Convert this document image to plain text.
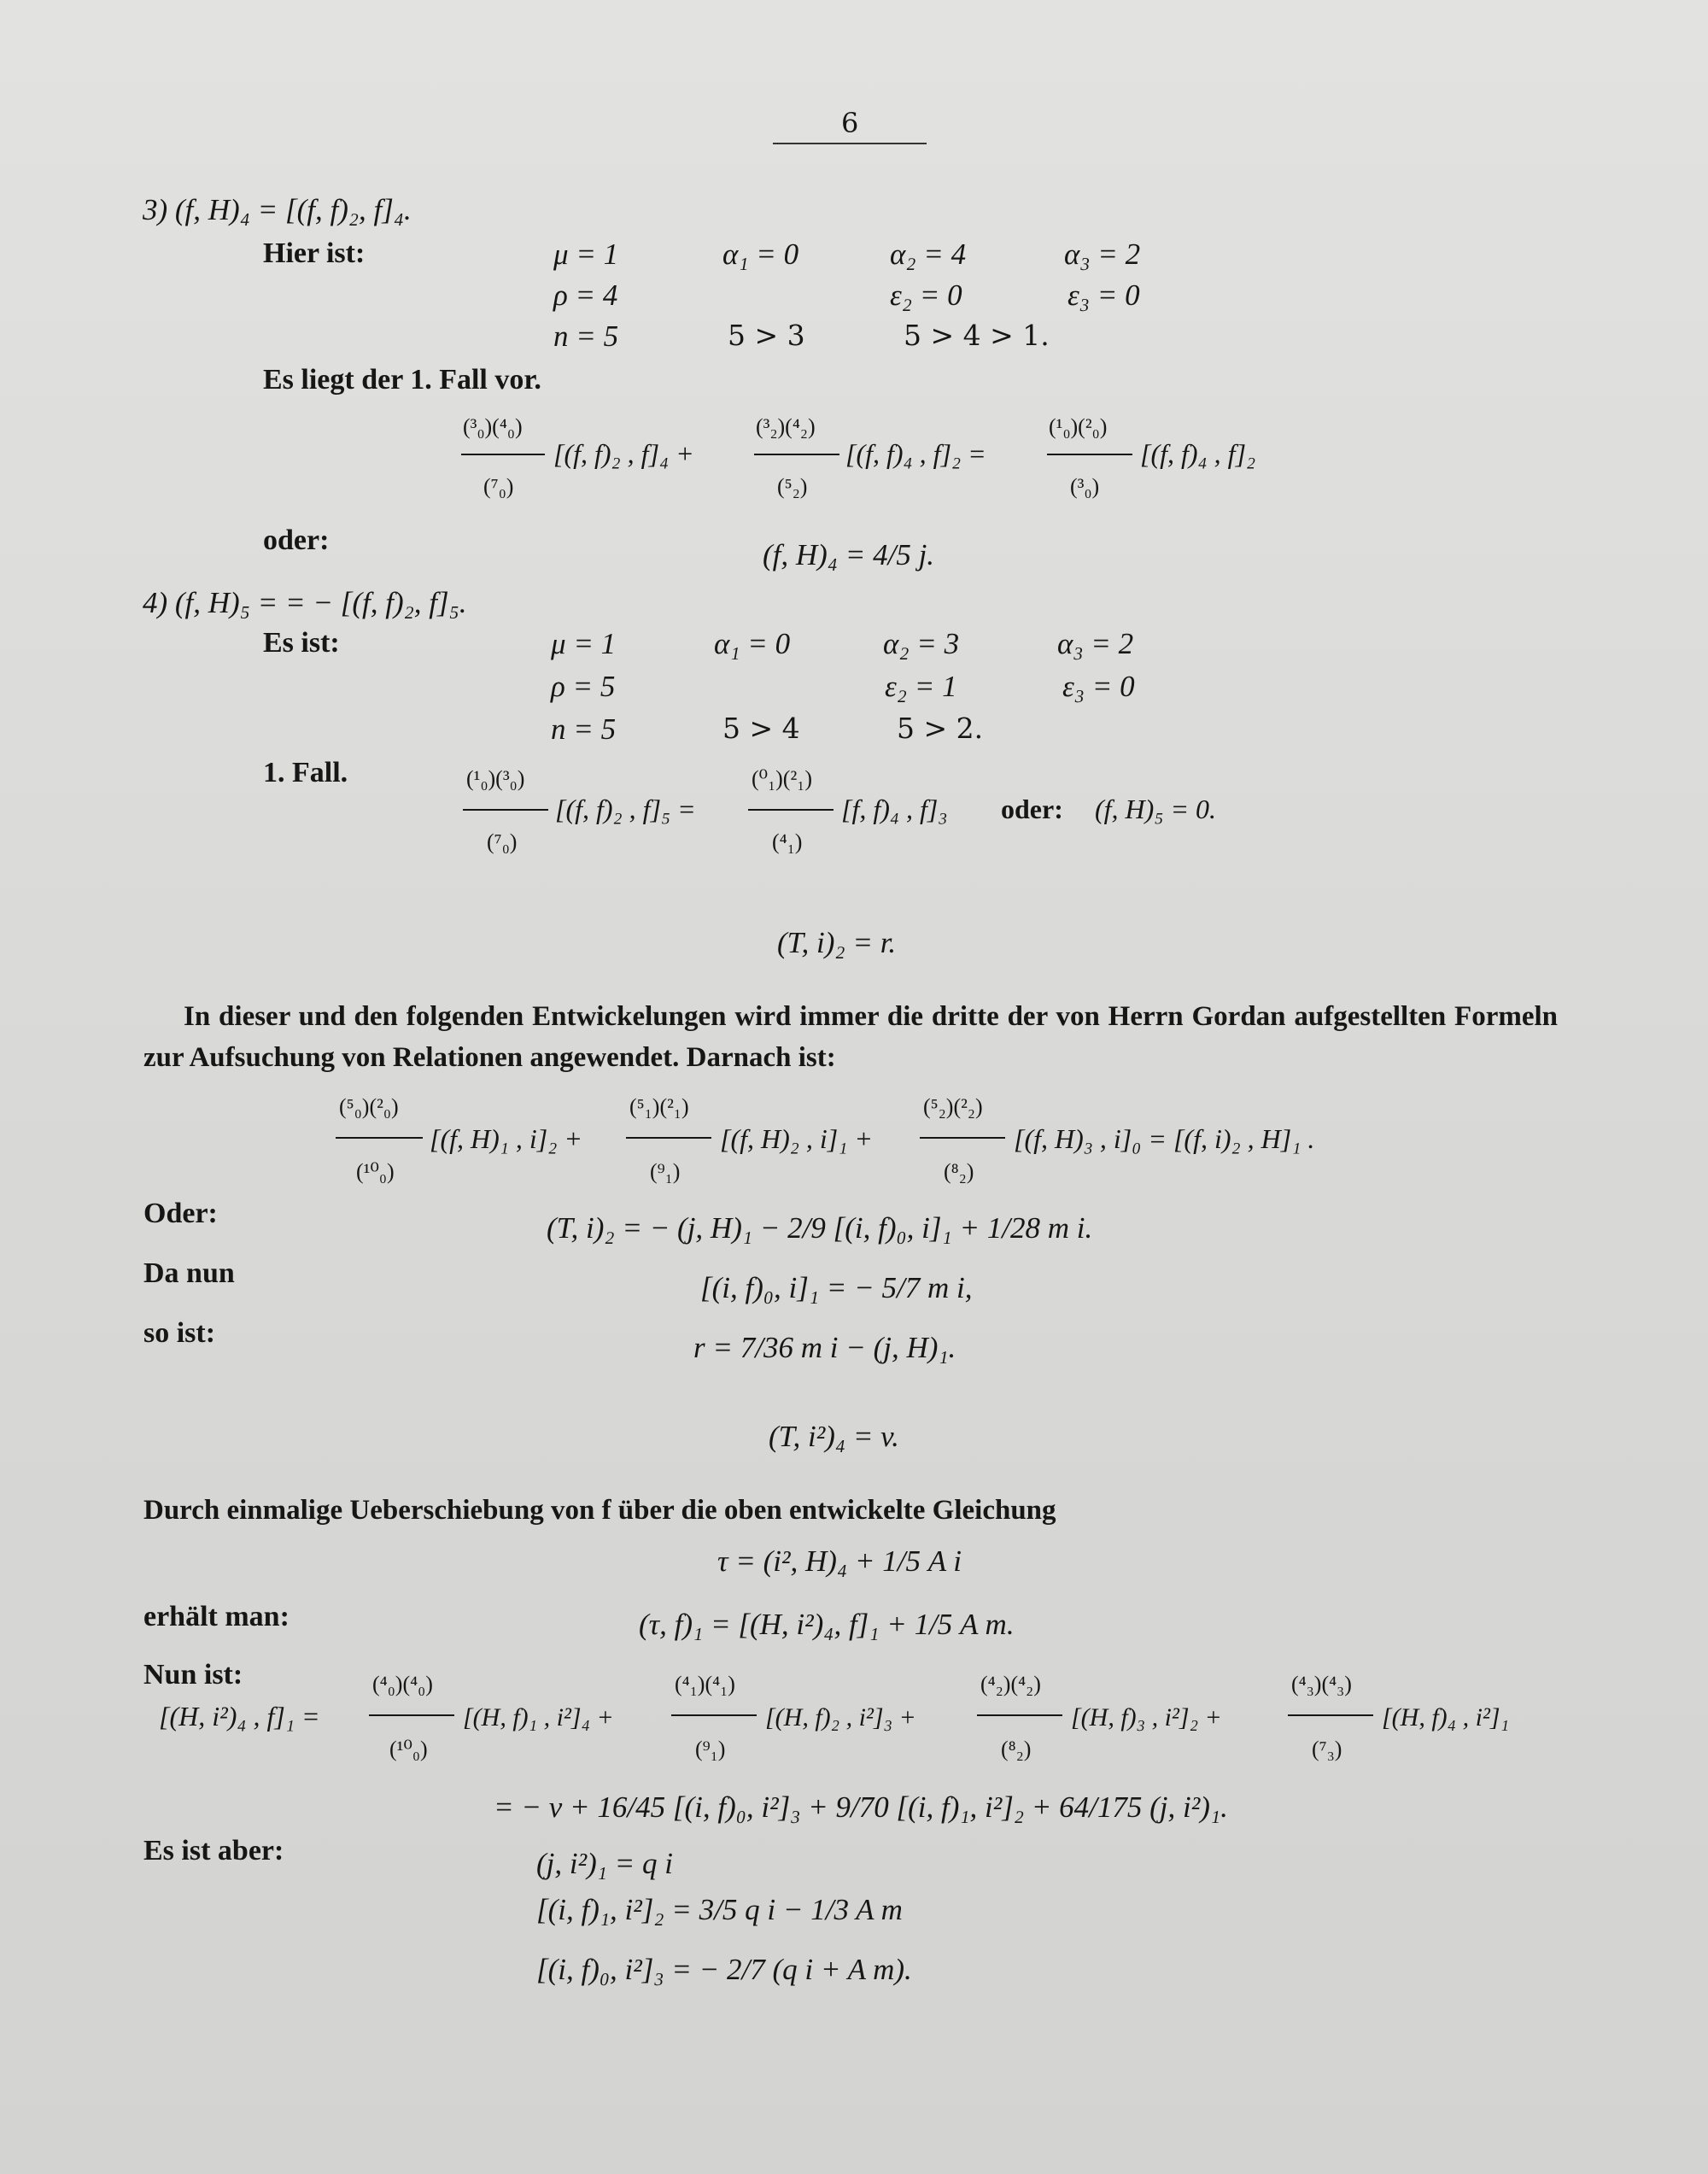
6
3) (f, H)₄ = [(f, f)₂, f]₄.
Hier ist:	μ = 1	α₁ = 0	α₂ = 4	α₃ = 2
ρ = 4	ε₂ = 0	ε₃ = 0
n = 5	5 > 3	5 > 4 > 1.
Es liegt der 1. Fall vor.
(³₀)(⁴₀)
(⁷₀)
[(f, f)₂ , f]₄ +
(³₂)(⁴₂)
(⁵₂)
[(f, f)₄ , f]₂ =
(¹₀)(²₀)
(³₀)
[(f, f)₄ , f]₂
oder:	(f, H)₄ = 4/5 j.
4) (f, H)₅ = = − [(f, f)₂, f]₅.
Es ist:	μ = 1	α₁ = 0	α₂ = 3	α₃ = 2
ρ = 5	ε₂ = 1	ε₃ = 0
n = 5	5 > 4	5 > 2.
1. Fall.	(¹₀)(³₀)
(⁷₀)
[(f, f)₂ , f]₅ =
(⁰₁)(²₁)
(⁴₁)
[f, f)₄ , f]₃ oder: (f, H)₅ = 0.
(T, i)₂ = r.
In dieser und den folgenden Entwickelungen wird immer die dritte der von Herrn Gordan aufgestellten Formeln zur Aufsuchung von Relationen angewendet. Darnach ist:
(⁵₀)(²₀)
(¹⁰₀)
[(f, H)₁ , i]₂ +
(⁵₁)(²₁)
(⁹₁)
[(f, H)₂ , i]₁ +
(⁵₂)(²₂)
(⁸₂)
[(f, H)₃ , i]₀ = [(f, i)₂ , H]₁ .
Oder:	(T, i)₂ = − (j, H)₁ − 2/9 [(i, f)₀, i]₁ + 1/28 m i.
Da nun	[(i, f)₀, i]₁ = − 5/7 m i,
so ist:	r = 7/36 m i − (j, H)₁.
(T, i²)₄ = v.
Durch einmalige Ueberschiebung von f über die oben entwickelte Gleichung
τ = (i², H)₄ + 1/5 A i
erhält man:	(τ, f)₁ = [(H, i²)₄, f]₁ + 1/5 A m.
Nun ist:
[(H, i²)₄ , f]₁ =
(⁴₀)(⁴₀)
(¹⁰₀)
[(H, f)₁ , i²]₄ +
(⁴₁)(⁴₁)
(⁹₁)
[(H, f)₂ , i²]₃ +
(⁴₂)(⁴₂)
(⁸₂)
[(H, f)₃ , i²]₂ +
(⁴₃)(⁴₃)
(⁷₃)
[(H, f)₄ , i²]₁
= − v + 16/45 [(i, f)₀, i²]₃ + 9/70 [(i, f)₁, i²]₂ + 64/175 (j, i²)₁.
Es ist aber:	(j, i²)₁ = q i
[(i, f)₁, i²]₂ = 3/5 q i − 1/3 A m
[(i, f)₀, i²]₃ = − 2/7 (q i + A m).
